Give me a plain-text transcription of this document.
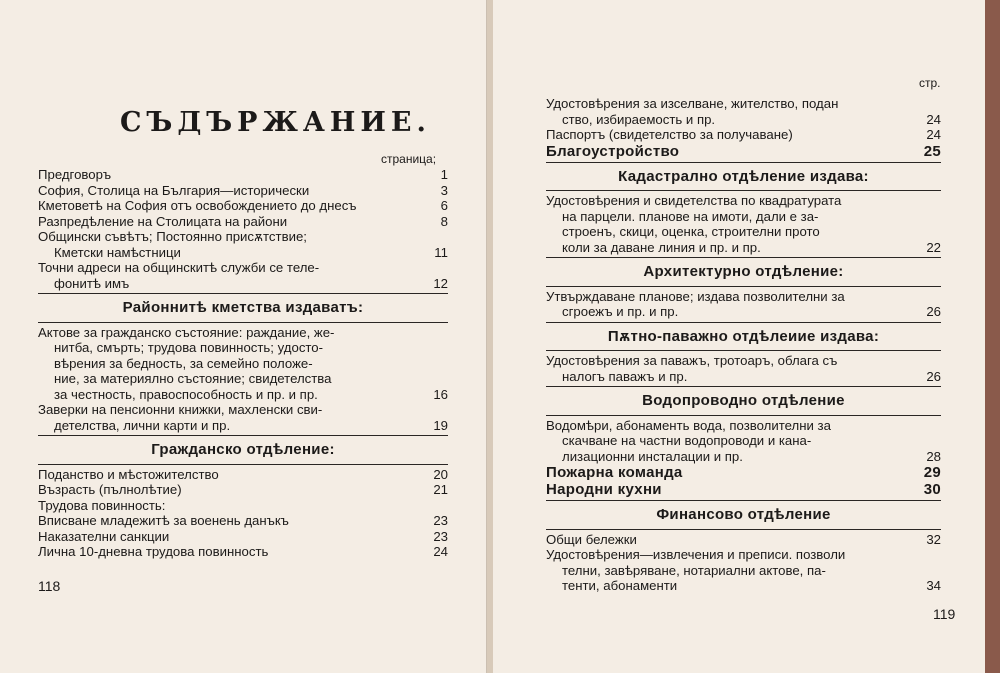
СЪДЪРЖАНИЕ.
страница;
Предговоръ	1
София, Столица на България—исторически	3
Кметоветѣ на София отъ освобождението до днесъ	6
Разпредѣление на Столицата на райони	8
Общински съвѣтъ; Постоянно присѫтствие;
Кметски намѣстници	11
Точни адреси на общинскитѣ служби се теле-
фонитѣ имъ	12
Районнитѣ кметства издаватъ:
Актове за гражданско състояние: раждание, же-
нитба, смърть; трудова повинность; удосто-
вѣрения за бедность, за семейно положе-
ние, за материялно състояние; свидетелства
за честность, правоспособность и пр. и пр.	16
Заверки на пенсионни книжки, махленски сви-
детелства, лични карти и пр.	19
Гражданско отдѣление:
Поданство и мѣстожителство	20
Възрасть (пълнолѣтие)	21
Трудова повинность:
Вписване младежитѣ за военень данъкъ	23
Наказателни санкции	23
Лична 10-дневна трудова повинность	24
118
стр.
Удостовѣрения за изселване, жителство, подан
ство, избираемость и пр.	24
Паспортъ (свидетелство за получаване)	24
Благоустройство	25
Кадастрално отдѣление издава:
Удостовѣрения и свидетелства по квадратурата
на парцели. планове на имоти, дали е за-
строенъ, скици, оценка, строителни прото
коли за даване линия и пр. и пр.	22
Архитектурно отдѣление:
Утвърждаване планове; издава позволителни за
сгроежъ и пр. и пр.	26
Пѫтно-паважно отдѣлеиие издава:
Удостовѣрения за паважъ, тротоаръ, облага съ
налогъ паважъ и пр.	26
Водопроводно отдѣление
Водомѣри, абонаменть вода, позволителни за
скачване на частни водопроводи и кана-
лизационни инсталации и пр.	28
Пожарна команда	29
Народни кухни	30
Финансово отдѣление
Общи бележки	32
Удостовѣрения—извлечения и преписи. позволи
телни, завѣряване, нотариални актове, па-
тенти, абонаменти	34
119
